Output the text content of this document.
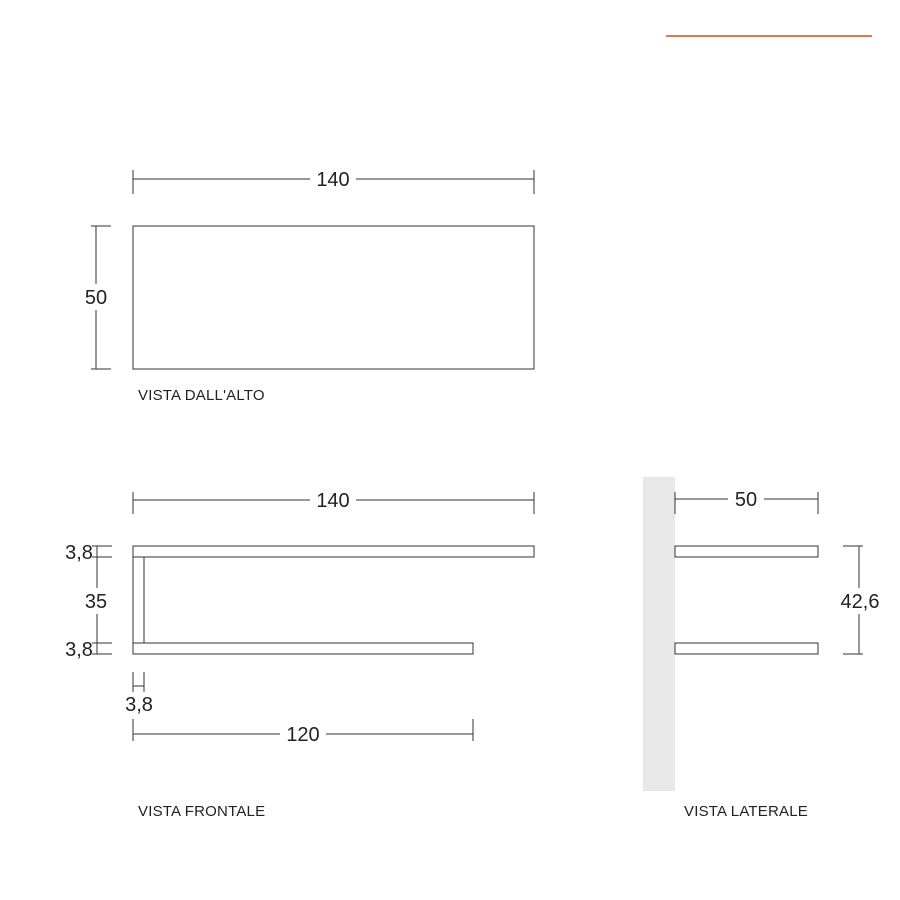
140
50
VISTA DALL'ALTO
140
3,8
35
3,8
3,8
120
VISTA FRONTALE
50
42,6
VISTA LATERALE
